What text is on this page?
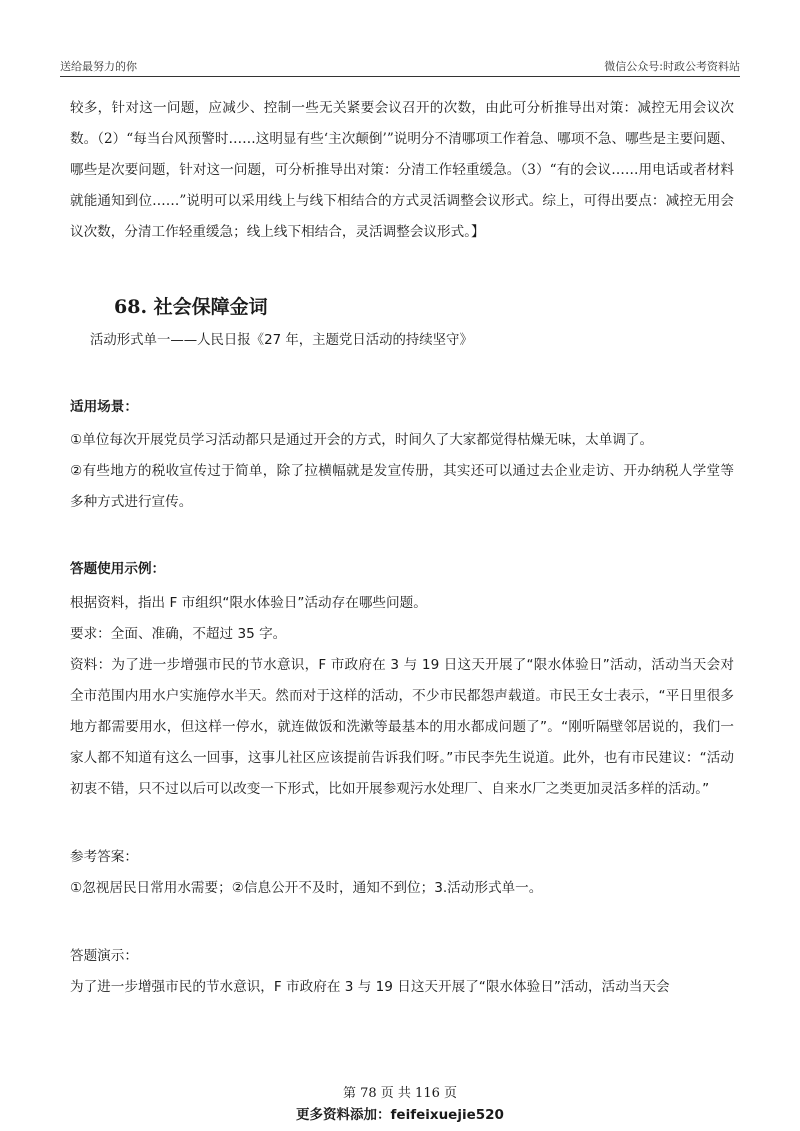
送给最努力的你	微信公众号:时政公考资料站

较多，针对这一问题，应减少、控制一些无关紧要会议召开的次数，由此可分析推导出对策：减控无用会议次数。（2）“每当台风预警时……这明显有些‘主次颠倒’”说明分不清哪项工作着急、哪项不急、哪些是主要问题、哪些是次要问题，针对这一问题，可分析推导出对策：分清工作轻重缓急。（3）“有的会议……用电话或者材料就能通知到位……”说明可以采用线上与线下相结合的方式灵活调整会议形式。综上，可得出要点：减控无用会议次数，分清工作轻重缓急；线上线下相结合，灵活调整会议形式。】

68. 社会保障金词

活动形式单一——人民日报《27 年，主题党日活动的持续坚守》

适用场景：

①单位每次开展党员学习活动都只是通过开会的方式，时间久了大家都觉得枯燥无味，太单调了。

②有些地方的税收宣传过于简单，除了拉横幅就是发宣传册，其实还可以通过去企业走访、开办纳税人学堂等多种方式进行宣传。

答题使用示例：

根据资料，指出 F 市组织“限水体验日”活动存在哪些问题。

要求：全面、准确，不超过 35 字。

资料：为了进一步增强市民的节水意识，F 市政府在 3 与 19 日这天开展了“限水体验日”活动，活动当天会对全市范围内用水户实施停水半天。然而对于这样的活动，不少市民都怨声载道。市民王女士表示，“平日里很多地方都需要用水，但这样一停水，就连做饭和洗漱等最基本的用水都成问题了”。“刚听隔壁邻居说的，我们一家人都不知道有这么一回事，这事儿社区应该提前告诉我们呀。”市民李先生说道。此外，也有市民建议：“活动初衷不错，只不过以后可以改变一下形式，比如开展参观污水处理厂、自来水厂之类更加灵活多样的活动。”

参考答案：

①忽视居民日常用水需要；②信息公开不及时，通知不到位；3.活动形式单一。

答题演示：

为了进一步增强市民的节水意识，F 市政府在 3 与 19 日这天开展了“限水体验日”活动，活动当天会

第 78 页 共 116 页
更多资料添加：feifeixuejie520
